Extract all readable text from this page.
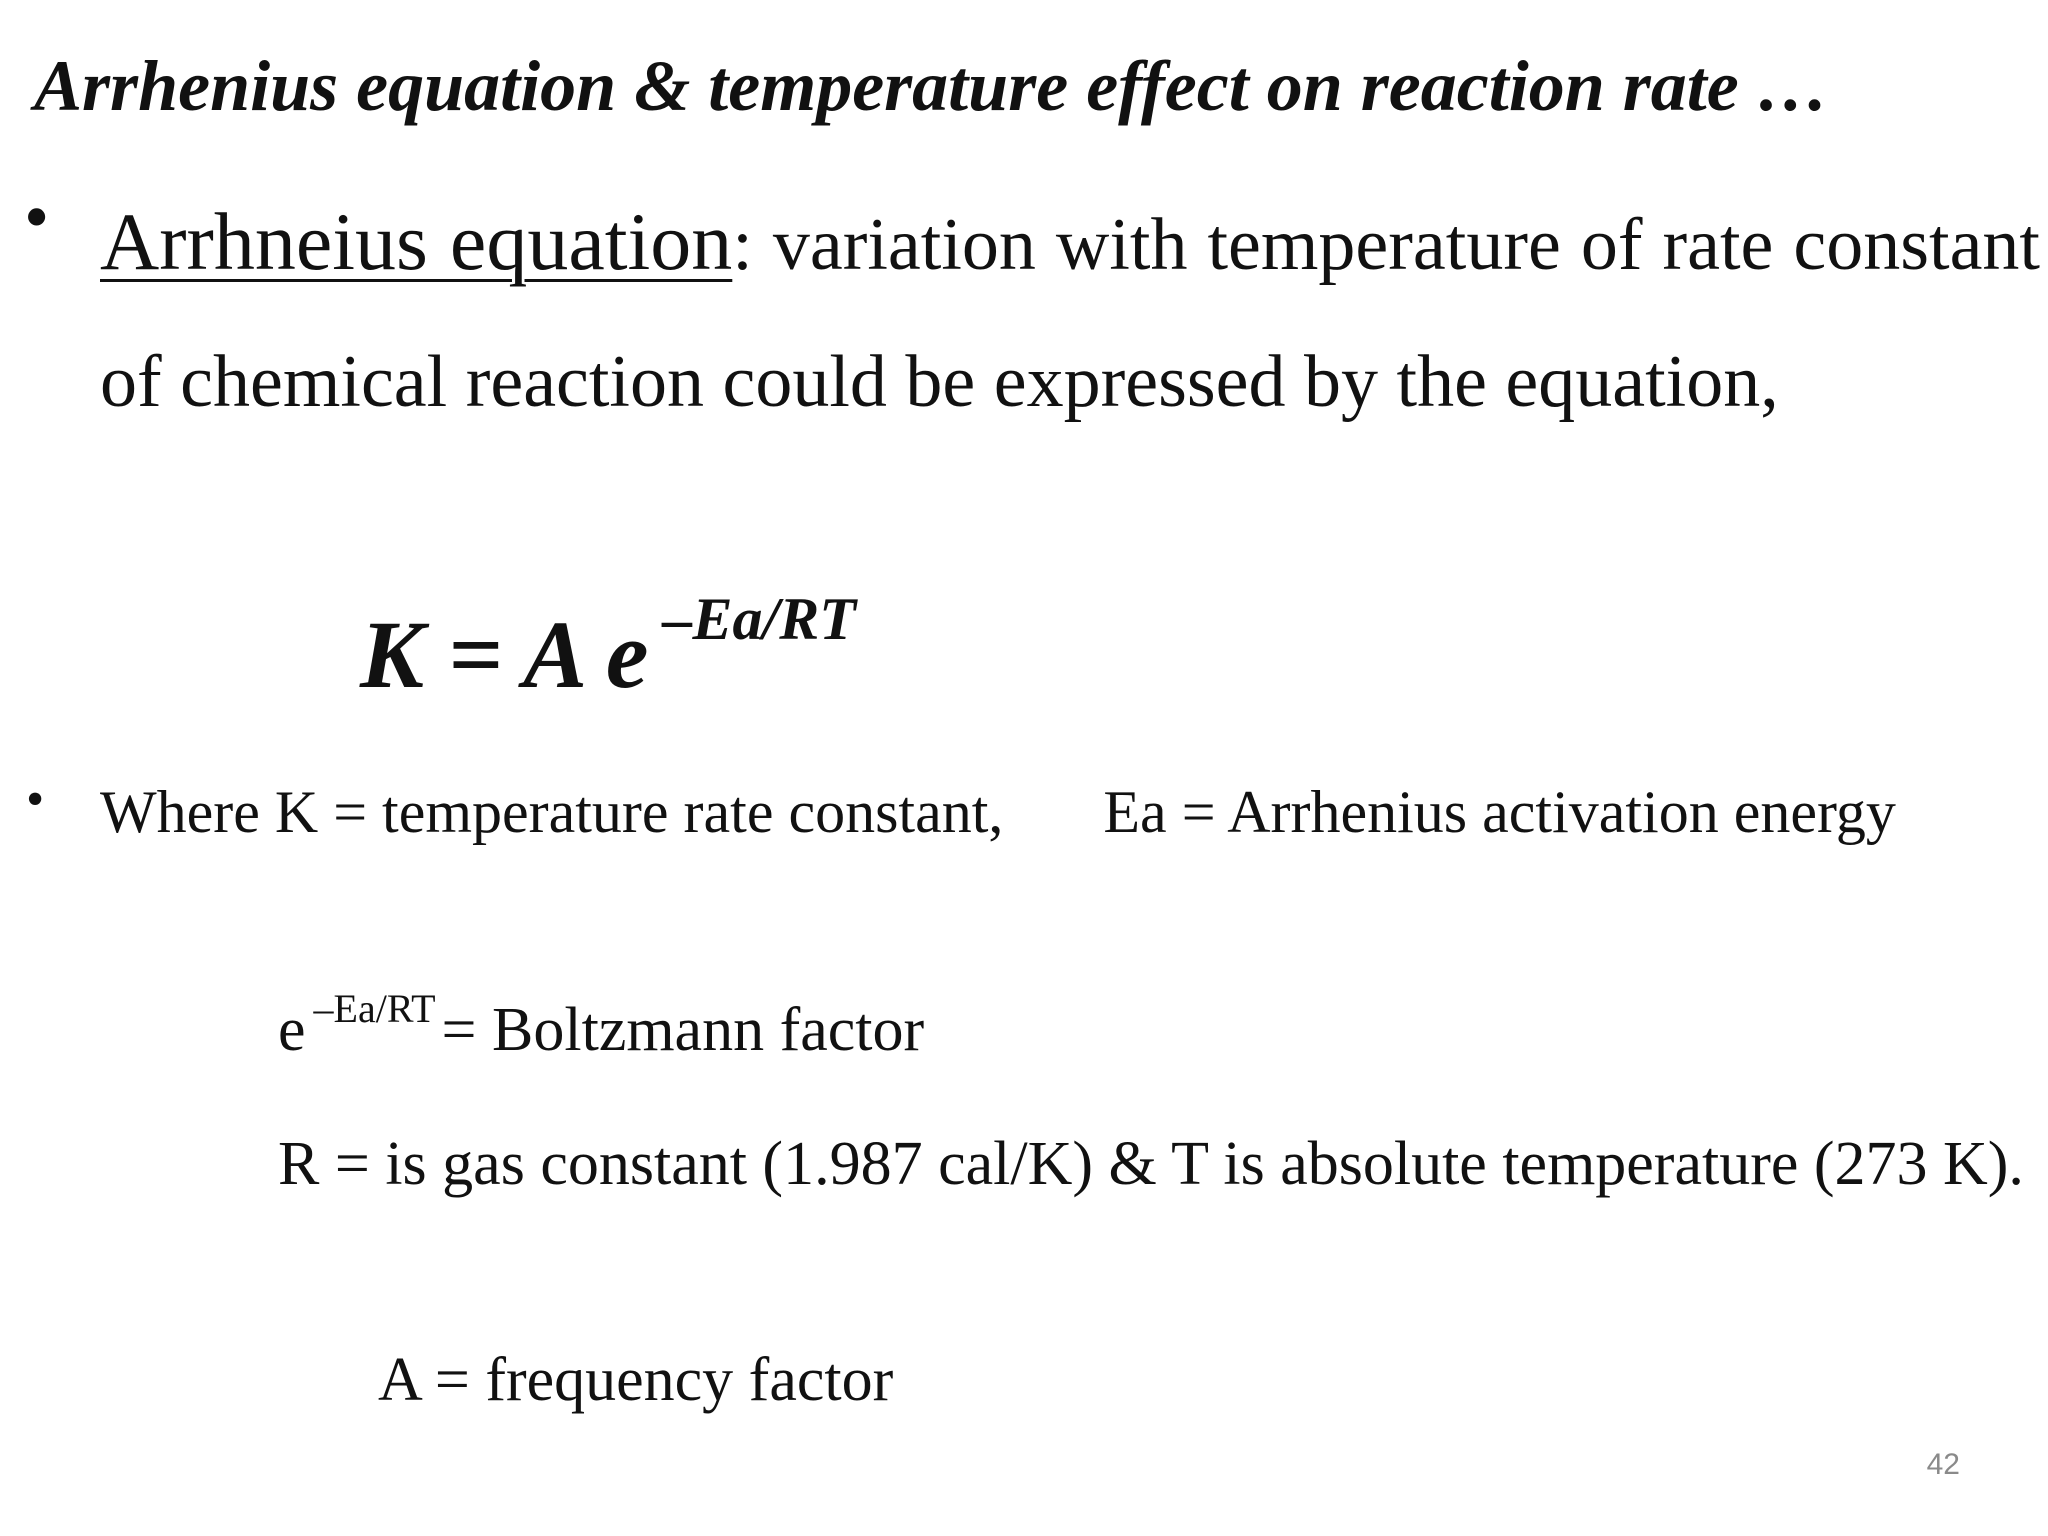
Arrhenius equation & temperature effect on reaction rate …
• Arrhneius equation: variation with temperature of rate constant of chemical reaction could be expressed by the equation,

K = A e $^{-Ea/RT}$
• Where K = temperature rate constant, Ea = Arrhenius activation energy

e $^{-Ea/RT}$= Boltzmann factor

R = is gas constant (1.987 cal/K) & T is absolute temperature (273 K).

A = frequency factor
42
